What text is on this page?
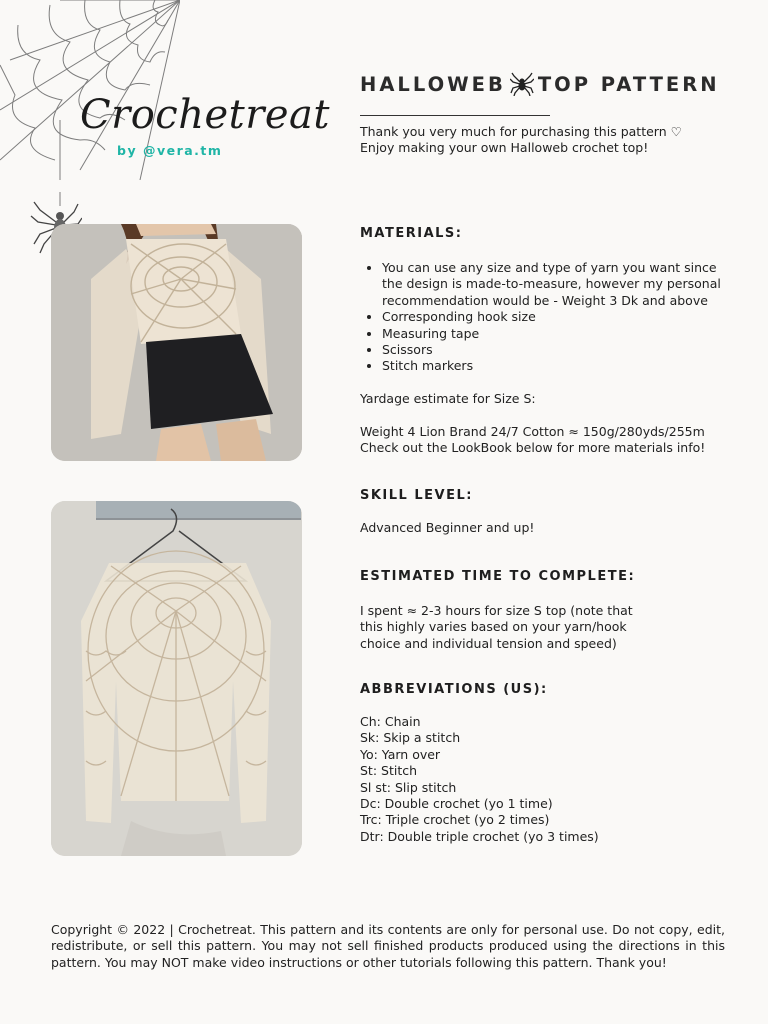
Crochetreat
by @vera.tm
HALLOWEB TOP PATTERN
Thank you very much for purchasing this pattern ♡
Enjoy making your own Halloweb crochet top!
MATERIALS:
• You can use any size and type of yarn you want since the design is made-to-measure, however my personal recommendation would be - Weight 3 Dk and above
• Corresponding hook size
• Measuring tape
• Scissors
• Stitch markers
Yardage estimate for Size S:
Weight 4 Lion Brand 24/7 Cotton ≈ 150g/280yds/255m
Check out the LookBook below for more materials info!
SKILL LEVEL:
Advanced Beginner and up!
ESTIMATED TIME TO COMPLETE:
I spent ≈ 2-3 hours for size S top (note that
this highly varies based on your yarn/hook
choice and individual tension and speed)
ABBREVIATIONS (US):
Ch: Chain
Sk: Skip a stitch
Yo: Yarn over
St: Stitch
Sl st: Slip stitch
Dc: Double crochet (yo 1 time)
Trc: Triple crochet (yo 2 times)
Dtr: Double triple crochet (yo 3 times)
Copyright © 2022 | Crochetreat. This pattern and its contents are only for personal use. Do not copy, edit, redistribute, or sell this pattern. You may not sell finished products produced using the directions in this pattern. You may NOT make video instructions or other tutorials following this pattern. Thank you!
